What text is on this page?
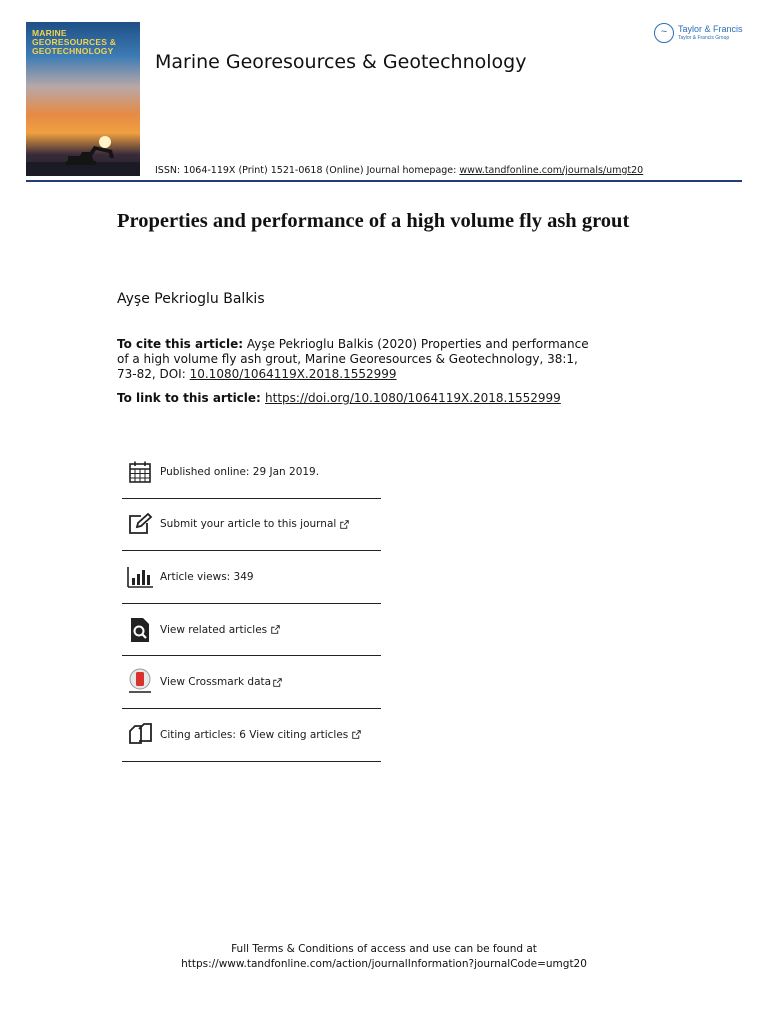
MARINE GEORESOURCES & GEOTECHNOLOGY	Marine Georesources & Geotechnology
~	Taylor & Francis
Taylor & Francis Group
ISSN: 1064-119X (Print) 1521-0618 (Online) Journal homepage: www.tandfonline.com/journals/umgt20
Properties and performance of a high volume fly ash grout
Ayşe Pekrioglu Balkis
To cite this article: Ayşe Pekrioglu Balkis (2020) Properties and performance of a high volume fly ash grout, Marine Georesources & Geotechnology, 38:1, 73-82, DOI: 10.1080/1064119X.2018.1552999
To link to this article: https://doi.org/10.1080/1064119X.2018.1552999
Published online: 29 Jan 2019.
Submit your article to this journal
Article views: 349
View related articles
View Crossmark data
Citing articles: 6 View citing articles
Full Terms & Conditions of access and use can be found at
https://www.tandfonline.com/action/journalInformation?journalCode=umgt20
